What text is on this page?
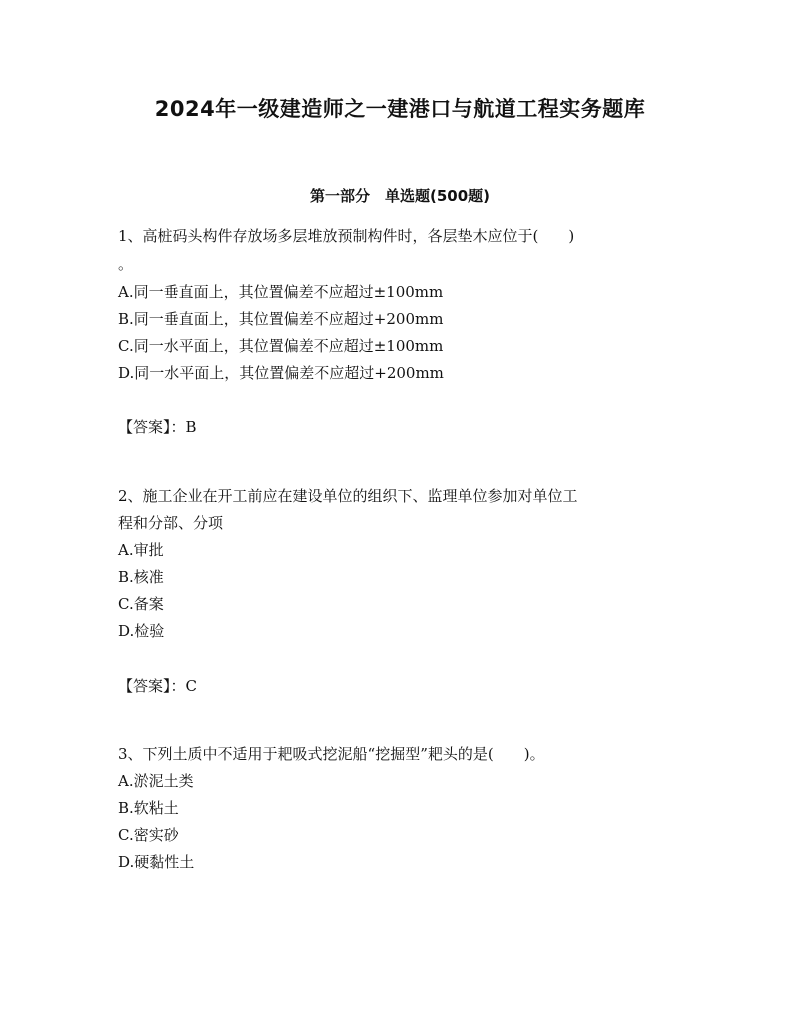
2024年一级建造师之一建港口与航道工程实务题库
第一部分　单选题(500题)
1、高桩码头构件存放场多层堆放预制构件时，各层垫木应位于(　　)
。
A.同一垂直面上，其位置偏差不应超过±100mm
B.同一垂直面上，其位置偏差不应超过+200mm
C.同一水平面上，其位置偏差不应超过±100mm
D.同一水平面上，其位置偏差不应超过+200mm
【答案】：B
2、施工企业在开工前应在建设单位的组织下、监理单位参加对单位工
程和分部、分项
A.审批
B.核准
C.备案
D.检验
【答案】：C
3、下列土质中不适用于耙吸式挖泥船“挖掘型”耙头的是(　　)。
A.淤泥土类
B.软粘土
C.密实砂
D.硬黏性土
